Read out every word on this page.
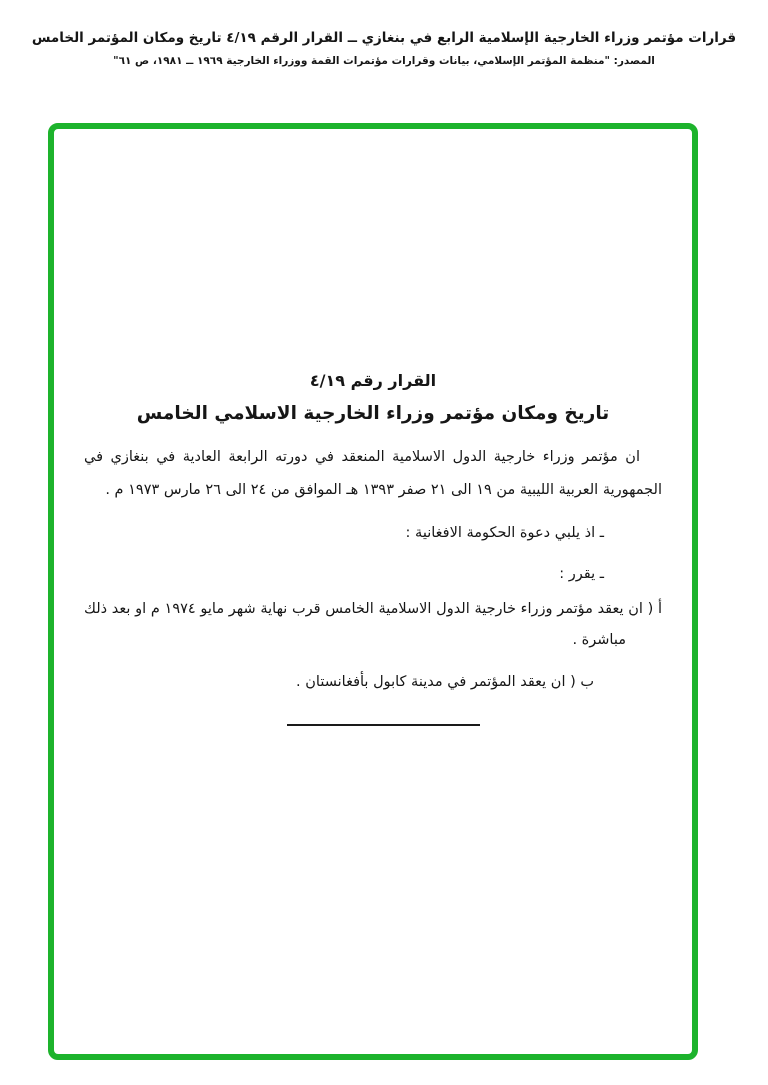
قرارات مؤتمر وزراء الخارجية الإسلامية الرابع في بنغازي ــ القرار الرقم ٤/١٩ تاريخ ومكان المؤتمر الخامس
المصدر: "منظمة المؤتمر الإسلامي، بيانات وقرارات مؤتمرات القمة ووزراء الخارجية ١٩٦٩ ــ ١٩٨١، ص ٦١"
القرار رقم ٤/١٩
تاريخ ومكان مؤتمر وزراء الخارجية الاسلامي الخامس

ان مؤتمر وزراء خارجية الدول الاسلامية المنعقد في دورته الرابعة العادية في بنغازي في الجمهورية العربية الليبية من ١٩ الى ٢١ صفر ١٣٩٣ هـ الموافق من ٢٤ الى ٢٦ مارس ١٩٧٣ م .

ـ اذ يلبي دعوة الحكومة الافغانية :
ـ يقرر :

أ ( ان يعقد مؤتمر وزراء خارجية الدول الاسلامية الخامس قرب نهاية شهر مايو ١٩٧٤ م او بعد ذلك مباشرة .

ب ( ان يعقد المؤتمر في مدينة كابول بأفغانستان .
